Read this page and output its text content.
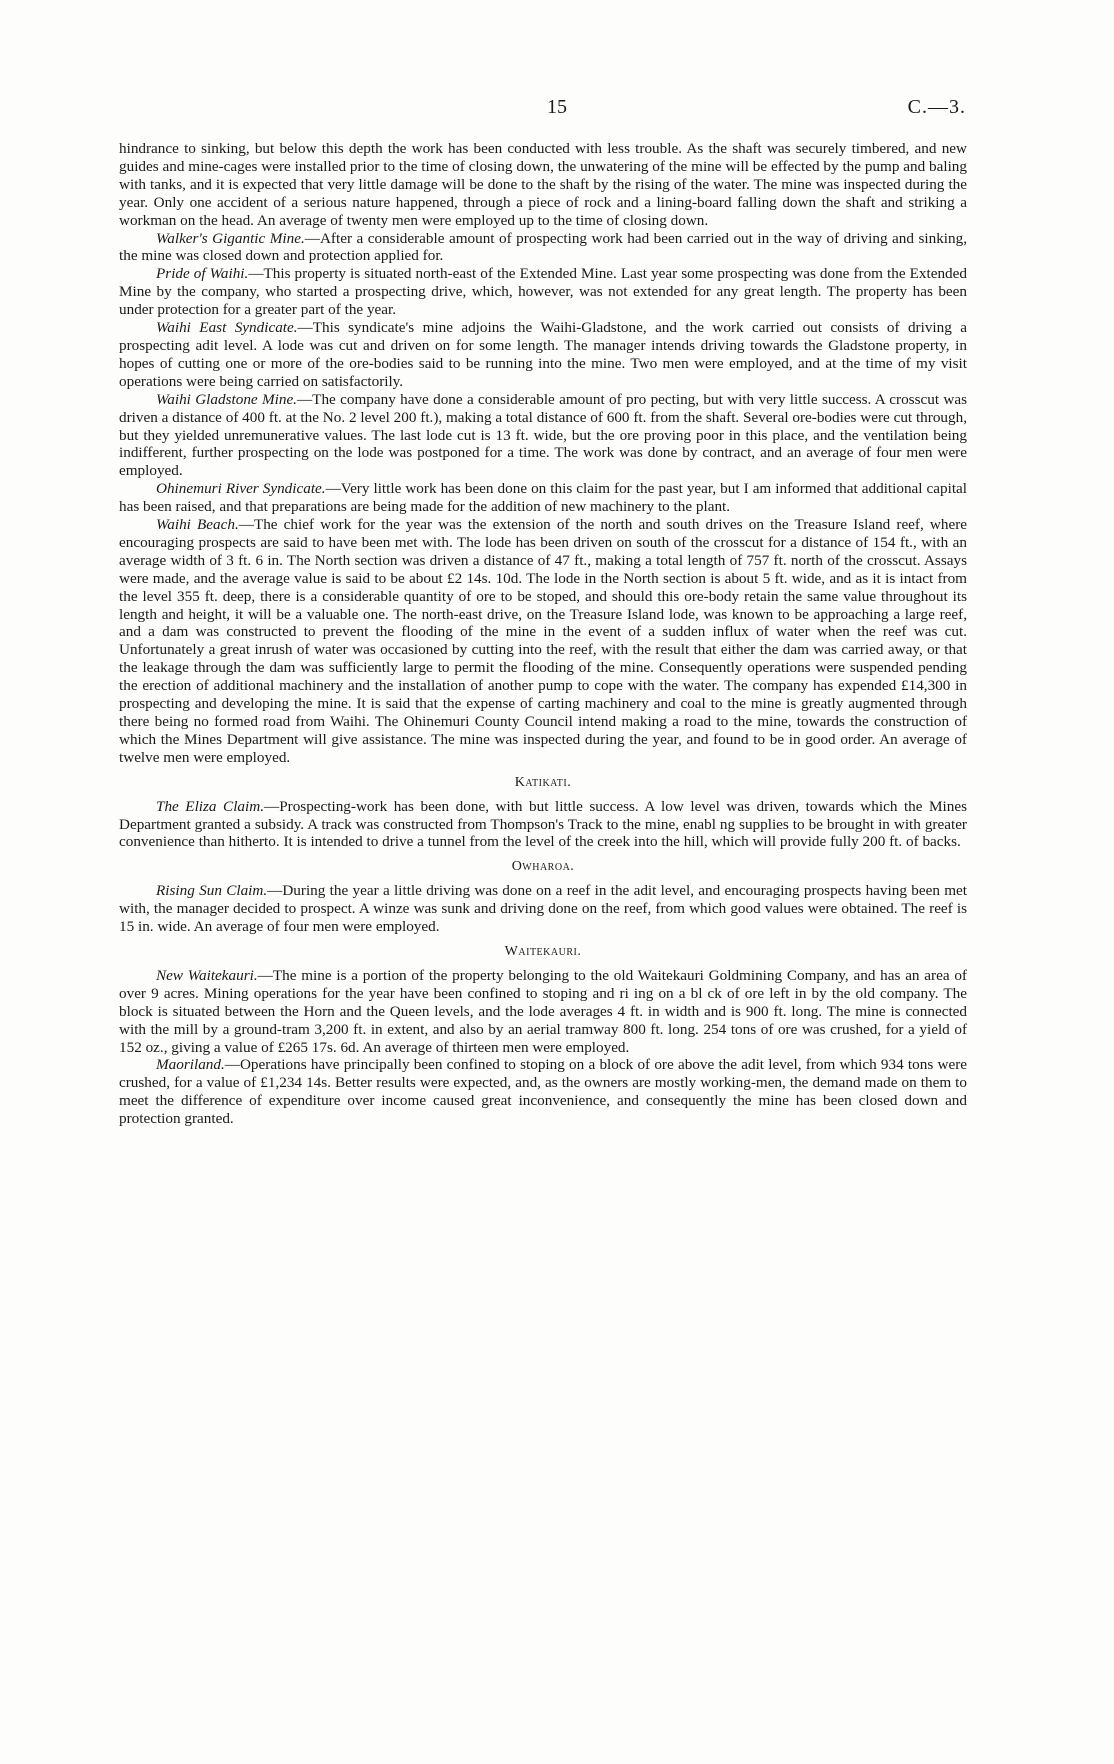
15	C.—3.

hindrance to sinking, but below this depth the work has been conducted with less trouble. As the shaft was securely timbered, and new guides and mine-cages were installed prior to the time of closing down, the unwatering of the mine will be effected by the pump and baling with tanks, and it is expected that very little damage will be done to the shaft by the rising of the water. The mine was inspected during the year. Only one accident of a serious nature happened, through a piece of rock and a lining-board falling down the shaft and striking a workman on the head. An average of twenty men were employed up to the time of closing down.

Walker's Gigantic Mine.—After a considerable amount of prospecting work had been carried out in the way of driving and sinking, the mine was closed down and protection applied for.

Pride of Waihi.—This property is situated north-east of the Extended Mine. Last year some prospecting was done from the Extended Mine by the company, who started a prospecting drive, which, however, was not extended for any great length. The property has been under protection for a greater part of the year.

Waihi East Syndicate.—This syndicate's mine adjoins the Waihi-Gladstone, and the work carried out consists of driving a prospecting adit level. A lode was cut and driven on for some length. The manager intends driving towards the Gladstone property, in hopes of cutting one or more of the ore-bodies said to be running into the mine. Two men were employed, and at the time of my visit operations were being carried on satisfactorily.

Waihi Gladstone Mine.—The company have done a considerable amount of pro pecting, but with very little success. A crosscut was driven a distance of 400 ft. at the No. 2 level 200 ft.), making a total distance of 600 ft. from the shaft. Several ore-bodies were cut through, but they yielded unremunerative values. The last lode cut is 13 ft. wide, but the ore proving poor in this place, and the ventilation being indifferent, further prospecting on the lode was postponed for a time. The work was done by contract, and an average of four men were employed.

Ohinemuri River Syndicate.—Very little work has been done on this claim for the past year, but I am informed that additional capital has been raised, and that preparations are being made for the addition of new machinery to the plant.

Waihi Beach.—The chief work for the year was the extension of the north and south drives on the Treasure Island reef, where encouraging prospects are said to have been met with. The lode has been driven on south of the crosscut for a distance of 154 ft., with an average width of 3 ft. 6 in. The North section was driven a distance of 47 ft., making a total length of 757 ft. north of the crosscut. Assays were made, and the average value is said to be about £2 14s. 10d. The lode in the North section is about 5 ft. wide, and as it is intact from the level 355 ft. deep, there is a considerable quantity of ore to be stoped, and should this ore-body retain the same value throughout its length and height, it will be a valuable one. The north-east drive, on the Treasure Island lode, was known to be approaching a large reef, and a dam was constructed to prevent the flooding of the mine in the event of a sudden influx of water when the reef was cut. Unfortunately a great inrush of water was occasioned by cutting into the reef, with the result that either the dam was carried away, or that the leakage through the dam was sufficiently large to permit the flooding of the mine. Consequently operations were suspended pending the erection of additional machinery and the installation of another pump to cope with the water. The company has expended £14,300 in prospecting and developing the mine. It is said that the expense of carting machinery and coal to the mine is greatly augmented through there being no formed road from Waihi. The Ohinemuri County Council intend making a road to the mine, towards the construction of which the Mines Department will give assistance. The mine was inspected during the year, and found to be in good order. An average of twelve men were employed.

Katikati.

The Eliza Claim.—Prospecting-work has been done, with but little success. A low level was driven, towards which the Mines Department granted a subsidy. A track was constructed from Thompson's Track to the mine, enabl ng supplies to be brought in with greater convenience than hitherto. It is intended to drive a tunnel from the level of the creek into the hill, which will provide fully 200 ft. of backs.

Owharoa.

Rising Sun Claim.—During the year a little driving was done on a reef in the adit level, and encouraging prospects having been met with, the manager decided to prospect. A winze was sunk and driving done on the reef, from which good values were obtained. The reef is 15 in. wide. An average of four men were employed.

Waitekauri.

New Waitekauri.—The mine is a portion of the property belonging to the old Waitekauri Goldmining Company, and has an area of over 9 acres. Mining operations for the year have been confined to stoping and ri ing on a bl ck of ore left in by the old company. The block is situated between the Horn and the Queen levels, and the lode averages 4 ft. in width and is 900 ft. long. The mine is connected with the mill by a ground-tram 3,200 ft. in extent, and also by an aerial tramway 800 ft. long. 254 tons of ore was crushed, for a yield of 152 oz., giving a value of £265 17s. 6d. An average of thirteen men were employed.

Maoriland.—Operations have principally been confined to stoping on a block of ore above the adit level, from which 934 tons were crushed, for a value of £1,234 14s. Better results were expected, and, as the owners are mostly working-men, the demand made on them to meet the difference of expenditure over income caused great inconvenience, and consequently the mine has been closed down and protection granted.
